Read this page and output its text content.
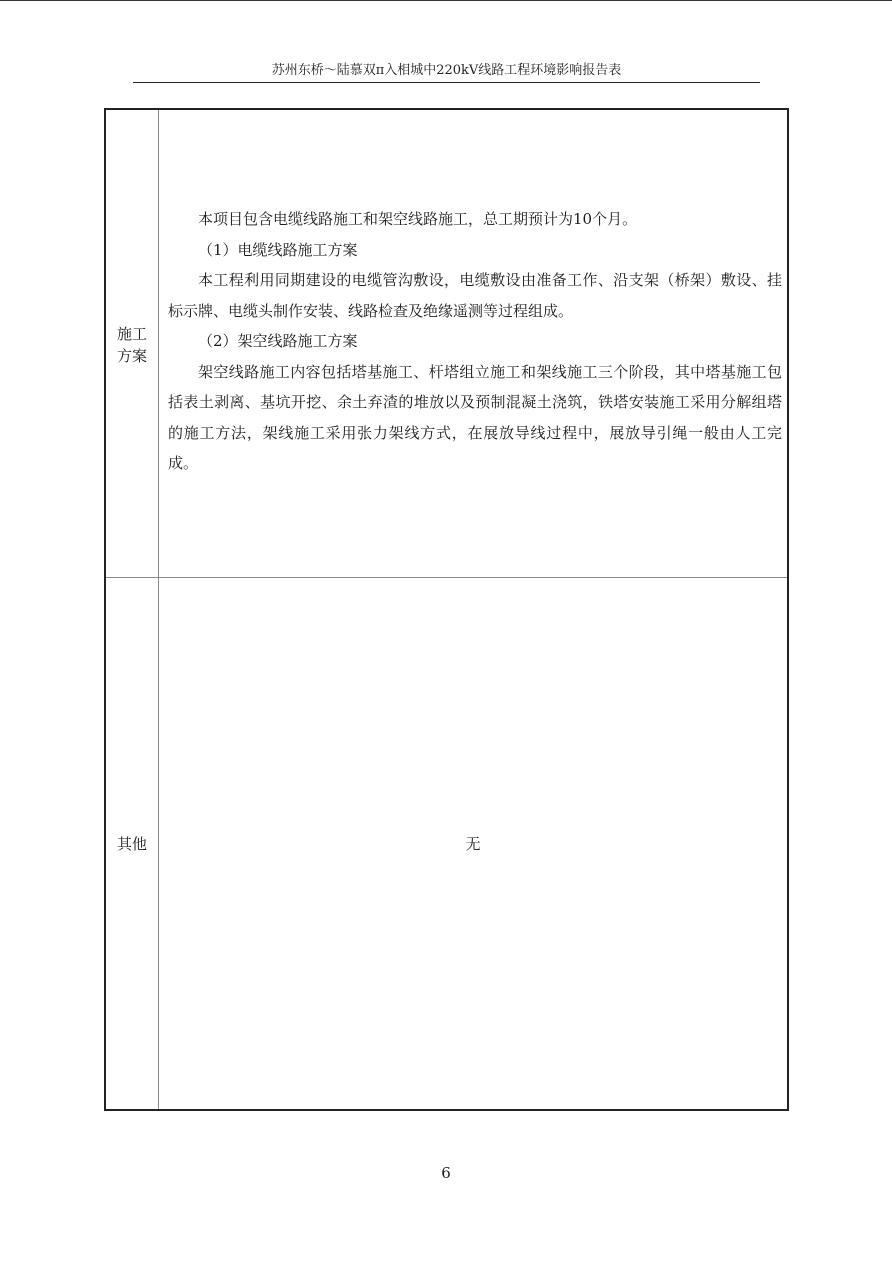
苏州东桥～陆慕双π入相城中220kV线路工程环境影响报告表
施工
方案

本项目包含电缆线路施工和架空线路施工，总工期预计为10个月。

（1）电缆线路施工方案

本工程利用同期建设的电缆管沟敷设，电缆敷设由准备工作、沿支架（桥架）敷设、挂标示牌、电缆头制作安装、线路检查及绝缘遥测等过程组成。

（2）架空线路施工方案

架空线路施工内容包括塔基施工、杆塔组立施工和架线施工三个阶段，其中塔基施工包括表土剥离、基坑开挖、余土弃渣的堆放以及预制混凝土浇筑，铁塔安装施工采用分解组塔的施工方法，架线施工采用张力架线方式，在展放导线过程中，展放导引绳一般由人工完成。

其他	无
6
